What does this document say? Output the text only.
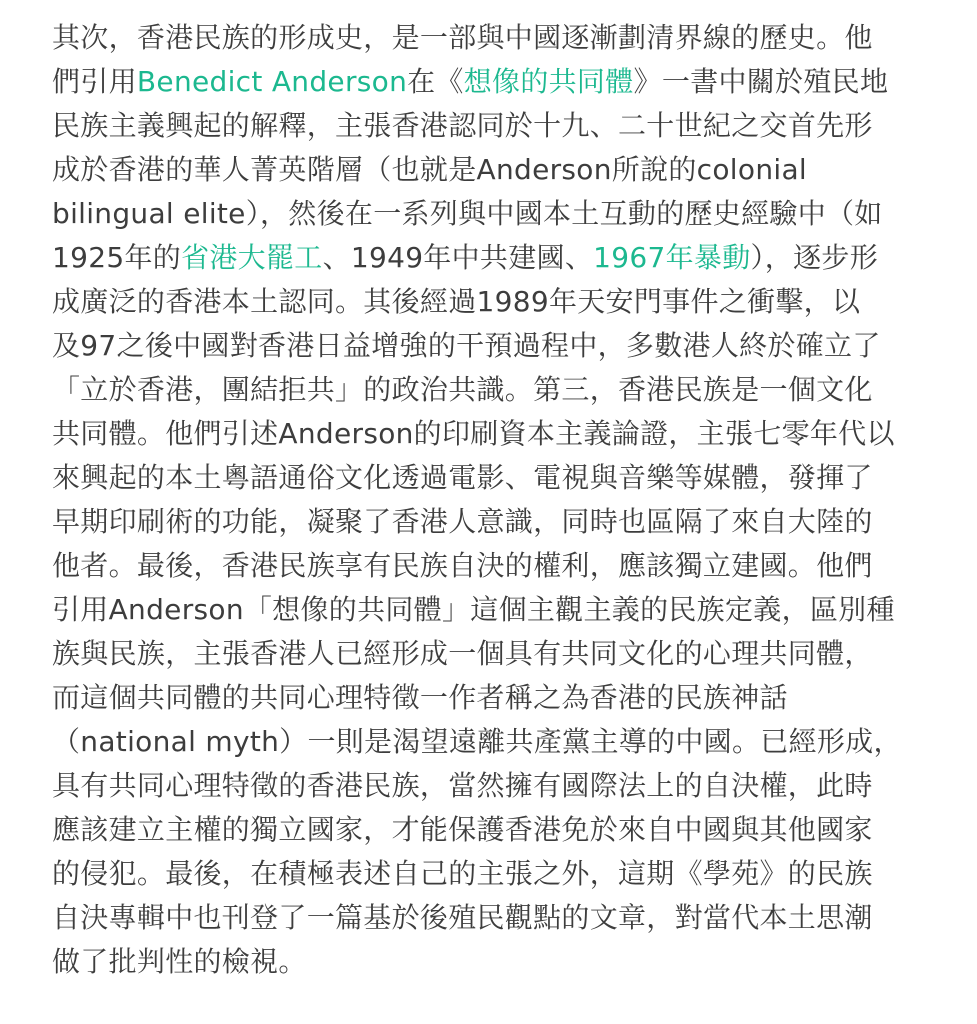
其次，香港民族的形成史，是一部與中國逐漸劃清界線的歷史。他
們引用Benedict Anderson在《想像的共同體》一書中關於殖民地
民族主義興起的解釋，主張香港認同於十九、二十世紀之交首先形
成於香港的華人菁英階層（也就是Anderson所說的colonial
bilingual elite），然後在一系列與中國本土互動的歷史經驗中（如
1925年的省港大罷工、1949年中共建國、1967年暴動），逐步形
成廣泛的香港本土認同。其後經過1989年天安門事件之衝擊，以
及97之後中國對香港日益增強的干預過程中，多數港人終於確立了
「立於香港，團結拒共」的政治共識。第三，香港民族是一個文化
共同體。他們引述Anderson的印刷資本主義論證，主張七零年代以
來興起的本土粵語通俗文化透過電影、電視與音樂等媒體，發揮了
早期印刷術的功能，凝聚了香港人意識，同時也區隔了來自大陸的
他者。最後，香港民族享有民族自決的權利，應該獨立建國。他們
引用Anderson「想像的共同體」這個主觀主義的民族定義，區別種
族與民族，主張香港人已經形成一個具有共同文化的心理共同體，
而這個共同體的共同心理特徵一作者稱之為香港的民族神話
（national myth）一則是渴望遠離共產黨主導的中國。已經形成，
具有共同心理特徵的香港民族，當然擁有國際法上的自決權，此時
應該建立主權的獨立國家，才能保護香港免於來自中國與其他國家
的侵犯。最後，在積極表述自己的主張之外，這期《學苑》的民族
自決專輯中也刊登了一篇基於後殖民觀點的文章，對當代本土思潮
做了批判性的檢視。
